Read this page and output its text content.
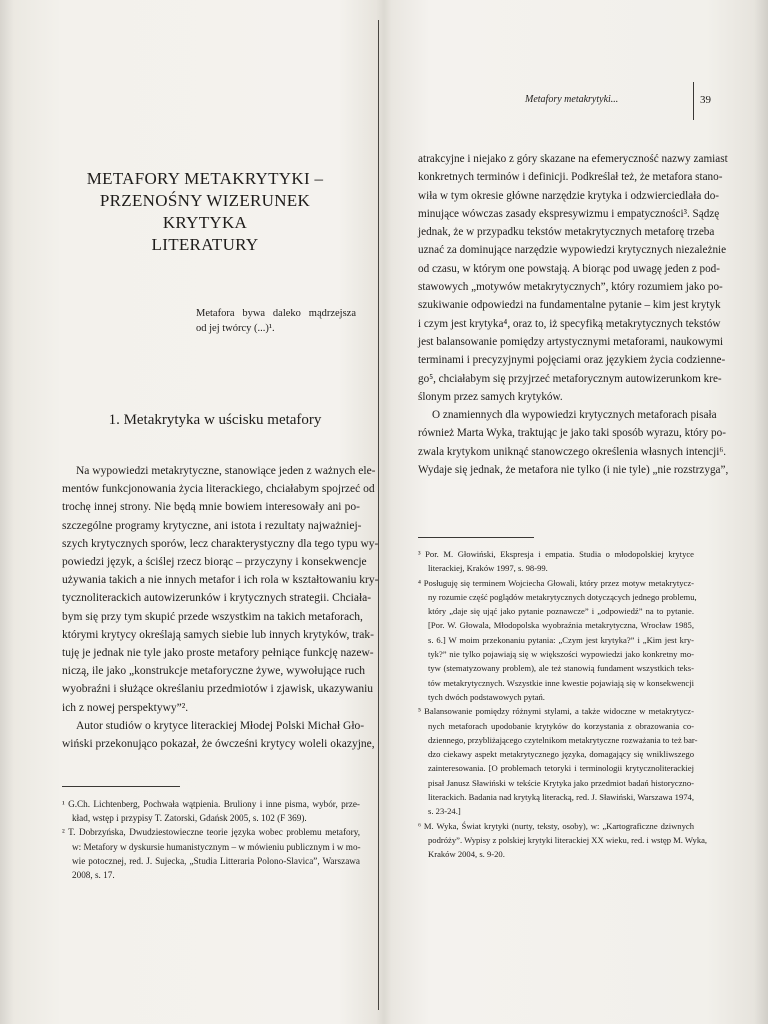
METAFORY METAKRYTYKI –
PRZENOŚNY WIZERUNEK KRYTYKA
LITERATURY
Metafora bywa daleko mądrzejsza
od jej twórcy (...)¹.
1. Metakrytyka w uścisku metafory
Na wypowiedzi metakrytyczne, stanowiące jeden z ważnych ele-
mentów funkcjonowania życia literackiego, chciałabym spojrzeć od
trochę innej strony. Nie będą mnie bowiem interesowały ani po-
szczególne programy krytyczne, ani istota i rezultaty najważniej-
szych krytycznych sporów, lecz charakterystyczny dla tego typu wy-
powiedzi język, a ściślej rzecz biorąc – przyczyny i konsekwencje
używania takich a nie innych metafor i ich rola w kształtowaniu kry-
tycznoliterackich autowizerunków i krytycznych strategii. Chciała-
bym się przy tym skupić przede wszystkim na takich metaforach,
którymi krytycy określają samych siebie lub innych krytyków, trak-
tuję je jednak nie tyle jako proste metafory pełniące funkcję nazew-
niczą, ile jako „konstrukcje metaforyczne żywe, wywołujące ruch
wyobraźni i służące określaniu przedmiotów i zjawisk, ukazywaniu
ich z nowej perspektywy”².
Autor studiów o krytyce literackiej Młodej Polski Michał Gło-
wiński przekonująco pokazał, że ówcześni krytycy woleli okazyjne,
¹ G.Ch. Lichtenberg, Pochwała wątpienia. Bruliony i inne pisma, wybór, prze-
kład, wstęp i przypisy T. Zatorski, Gdańsk 2005, s. 102 (F 369).
² T. Dobrzyńska, Dwudziestowieczne teorie języka wobec problemu metafory,
w: Metafory w dyskursie humanistycznym – w mówieniu publicznym i w mo-
wie potocznej, red. J. Sujecka, „Studia Litteraria Polono-Slavica”, Warszawa
2008, s. 17.
Metafory metakrytyki...	39
atrakcyjne i niejako z góry skazane na efemeryczność nazwy zamiast
konkretnych terminów i definicji. Podkreślał też, że metafora stano-
wiła w tym okresie główne narzędzie krytyka i odzwierciedlała do-
minujące wówczas zasady ekspresywizmu i empatyczności³. Sądzę
jednak, że w przypadku tekstów metakrytycznych metaforę trzeba
uznać za dominujące narzędzie wypowiedzi krytycznych niezależnie
od czasu, w którym one powstają. A biorąc pod uwagę jeden z pod-
stawowych „motywów metakrytycznych”, który rozumiem jako po-
szukiwanie odpowiedzi na fundamentalne pytanie – kim jest krytyk
i czym jest krytyka⁴, oraz to, iż specyfiką metakrytycznych tekstów
jest balansowanie pomiędzy artystycznymi metaforami, naukowymi
terminami i precyzyjnymi pojęciami oraz językiem życia codzienne-
go⁵, chciałabym się przyjrzeć metaforycznym autowizerunkom kre-
ślonym przez samych krytyków.
O znamiennych dla wypowiedzi krytycznych metaforach pisała
również Marta Wyka, traktując je jako taki sposób wyrazu, który po-
zwala krytykom uniknąć stanowczego określenia własnych intencji⁶.
Wydaje się jednak, że metafora nie tylko (i nie tyle) „nie rozstrzyga”,
³ Por. M. Głowiński, Ekspresja i empatia. Studia o młodopolskiej krytyce
literackiej, Kraków 1997, s. 98-99.
⁴ Posługuję się terminem Wojciecha Głowali, który przez motyw metakrytycz-
ny rozumie część poglądów metakrytycznych dotyczących jednego problemu,
który „daje się ująć jako pytanie poznawcze” i „odpowiedź” na to pytanie.
[Por. W. Głowala, Młodopolska wyobraźnia metakrytyczna, Wrocław 1985,
s. 6.] W moim przekonaniu pytania: „Czym jest krytyka?” i „Kim jest kry-
tyk?” nie tylko pojawiają się w większości wypowiedzi jako konkretny mo-
tyw (stematyzowany problem), ale też stanowią fundament wszystkich teks-
tów metakrytycznych. Wszystkie inne kwestie pojawiają się w konsekwencji
tych dwóch podstawowych pytań.
⁵ Balansowanie pomiędzy różnymi stylami, a także widoczne w metakrytycz-
nych metaforach upodobanie krytyków do korzystania z obrazowania co-
dziennego, przybliżającego czytelnikom metakrytyczne rozważania to też bar-
dzo ciekawy aspekt metakrytycznego języka, domagający się wnikliwszego
zainteresowania. [O problemach tetoryki i terminologii krytycznoliterackiej
pisał Janusz Sławiński w tekście Krytyka jako przedmiot badań historyczno-
literackich. Badania nad krytyką literacką, red. J. Sławiński, Warszawa 1974,
s. 23-24.]
⁶ M. Wyka, Świat krytyki (nurty, teksty, osoby), w: „Kartograficzne dziwnych
podróży”. Wypisy z polskiej krytyki literackiej XX wieku, red. i wstęp M. Wyka,
Kraków 2004, s. 9-20.
